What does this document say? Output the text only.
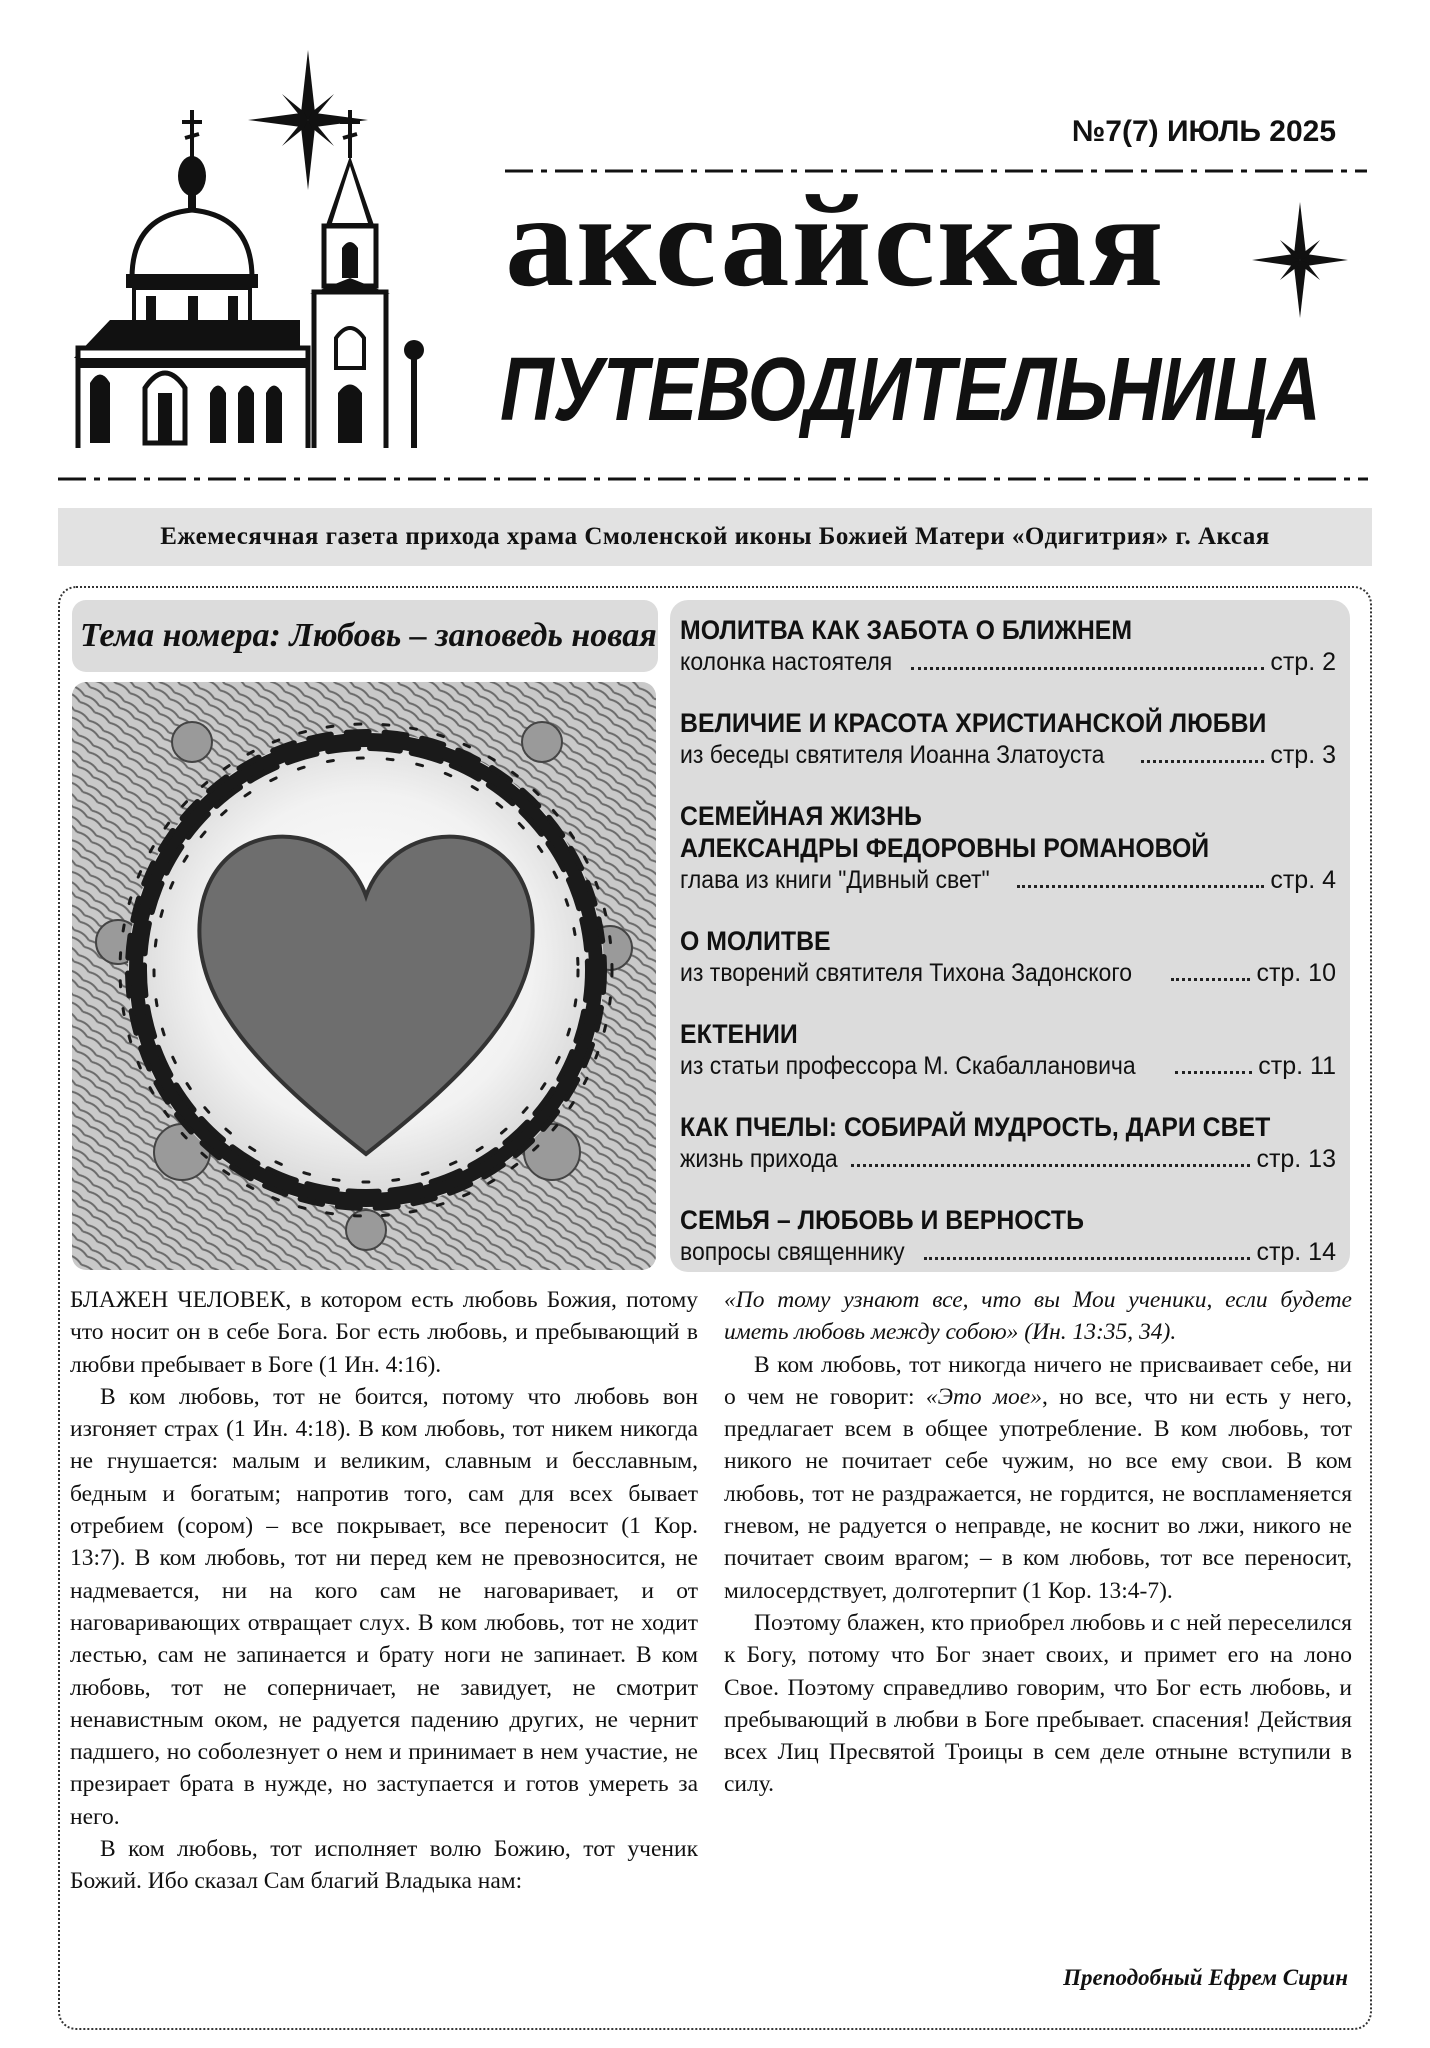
№7(7) ИЮЛЬ 2025
аксайская
ПУТЕВОДИТЕЛЬНИЦА
Ежемесячная газета прихода храма Смоленской иконы Божией Матери «Одигитрия» г. Аксая
Тема номера: Любовь – заповедь новая МОЛИТВА КАК ЗАБОТА О БЛИЖНЕМ
колонка настоятеля	стр. 2
ВЕЛИЧИЕ И КРАСОТА ХРИСТИАНСКОЙ ЛЮБВИ
из беседы святителя Иоанна Златоуста	стр. 3
СЕМЕЙНАЯ ЖИЗНЬ
АЛЕКСАНДРЫ ФЕДОРОВНЫ РОМАНОВОЙ
глава из книги "Дивный свет"	стр. 4
О МОЛИТВЕ
из творений святителя Тихона Задонского	стр. 10
ЕКТЕНИИ
из статьи профессора М. Скабаллановича	стр. 11
КАК ПЧЕЛЫ: СОБИРАЙ МУДРОСТЬ, ДАРИ СВЕТ
жизнь прихода	стр. 13
СЕМЬЯ – ЛЮБОВЬ И ВЕРНОСТЬ
вопросы священнику	стр. 14

БЛАЖЕН ЧЕЛОВЕК, в котором есть любовь Божия, потому что носит он в себе Бога. Бог есть любовь, и пребывающий в любви пребывает в Боге (1 Ин. 4:16).

В ком любовь, тот не боится, потому что любовь вон изгоняет страх (1 Ин. 4:18). В ком любовь, тот никем никогда не гнушается: малым и великим, славным и бесславным, бедным и богатым; напротив того, сам для всех бывает отребием (сором) – все покрывает, все переносит (1 Кор. 13:7). В ком любовь, тот ни перед кем не превозносится, не надмевается, ни на кого сам не наговаривает, и от наговаривающих отвращает слух. В ком любовь, тот не ходит лестью, сам не запинается и брату ноги не запинает. В ком любовь, тот не соперничает, не завидует, не смотрит ненавистным оком, не радуется падению других, не чернит падшего, но соболезнует о нем и принимает в нем участие, не презирает брата в нужде, но заступается и готов умереть за него.

В ком любовь, тот исполняет волю Божию, тот ученик Божий. Ибо сказал Сам благий Владыка нам:

«По тому узнают все, что вы Мои ученики, если будете иметь любовь между собою» (Ин. 13:35, 34).

В ком любовь, тот никогда ничего не присваивает себе, ни о чем не говорит: «Это мое», но все, что ни есть у него, предлагает всем в общее употребление. В ком любовь, тот никого не почитает себе чужим, но все ему свои. В ком любовь, тот не раздражается, не гордится, не воспламеняется гневом, не радуется о неправде, не коснит во лжи, никого не почитает своим врагом; – в ком любовь, тот все переносит, милосердствует, долготерпит (1 Кор. 13:4-7).

Поэтому блажен, кто приобрел любовь и с ней переселился к Богу, потому что Бог знает своих, и примет его на лоно Свое. Поэтому справедливо говорим, что Бог есть любовь, и пребывающий в любви в Боге пребывает. спасения! Действия всех Лиц Пресвятой Троицы в сем деле отныне вступили в силу.

Преподобный Ефрем Сирин
